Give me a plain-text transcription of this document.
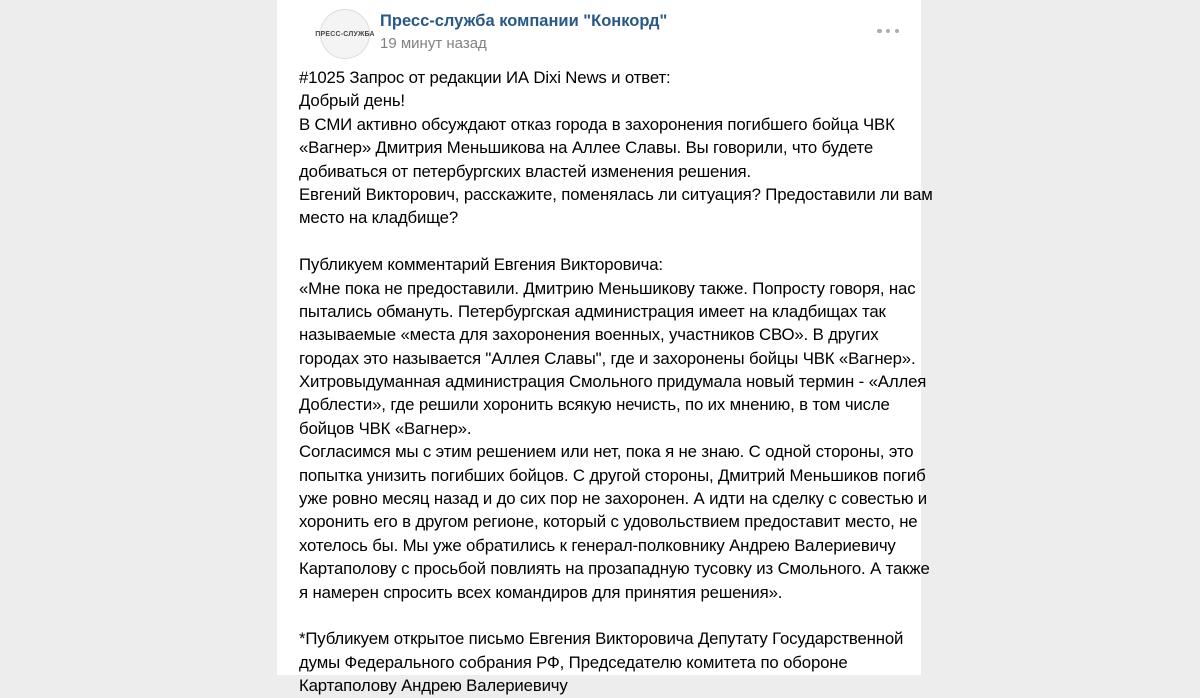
ПРЕСС-СЛУЖБА
Пресс-служба компании "Конкорд"
19 минут назад
#1025 Запрос от редакции ИА Dixi News и ответ:
Добрый день!
В СМИ активно обсуждают отказ города в захоронения погибшего бойца ЧВК
«Вагнер» Дмитрия Меньшикова на Аллее Славы. Вы говорили, что будете
добиваться от петербургских властей изменения решения.
Евгений Викторович, расскажите, поменялась ли ситуация? Предоставили ли вам
место на кладбище?
Публикуем комментарий Евгения Викторовича:
«Мне пока не предоставили. Дмитрию Меньшикову также. Попросту говоря, нас
пытались обмануть. Петербургская администрация имеет на кладбищах так
называемые «места для захоронения военных, участников СВО». В других
городах это называется "Аллея Славы", где и захоронены бойцы ЧВК «Вагнер».
Хитровыдуманная администрация Смольного придумала новый термин - «Аллея
Доблести», где решили хоронить всякую нечисть, по их мнению, в том числе
бойцов ЧВК «Вагнер».
Согласимся мы с этим решением или нет, пока я не знаю. С одной стороны, это
попытка унизить погибших бойцов. С другой стороны, Дмитрий Меньшиков погиб
уже ровно месяц назад и до сих пор не захоронен. А идти на сделку с совестью и
хоронить его в другом регионе, который с удовольствием предоставит место, не
хотелось бы. Мы уже обратились к генерал-полковнику Андрею Валериевичу
Картаполову с просьбой повлиять на прозападную тусовку из Смольного. А также
я намерен спросить всех командиров для принятия решения».
*Публикуем открытое письмо Евгения Викторовича Депутату Государственной
думы Федерального собрания РФ, Председателю комитета по обороне
Картаполову Андрею Валериевичу
